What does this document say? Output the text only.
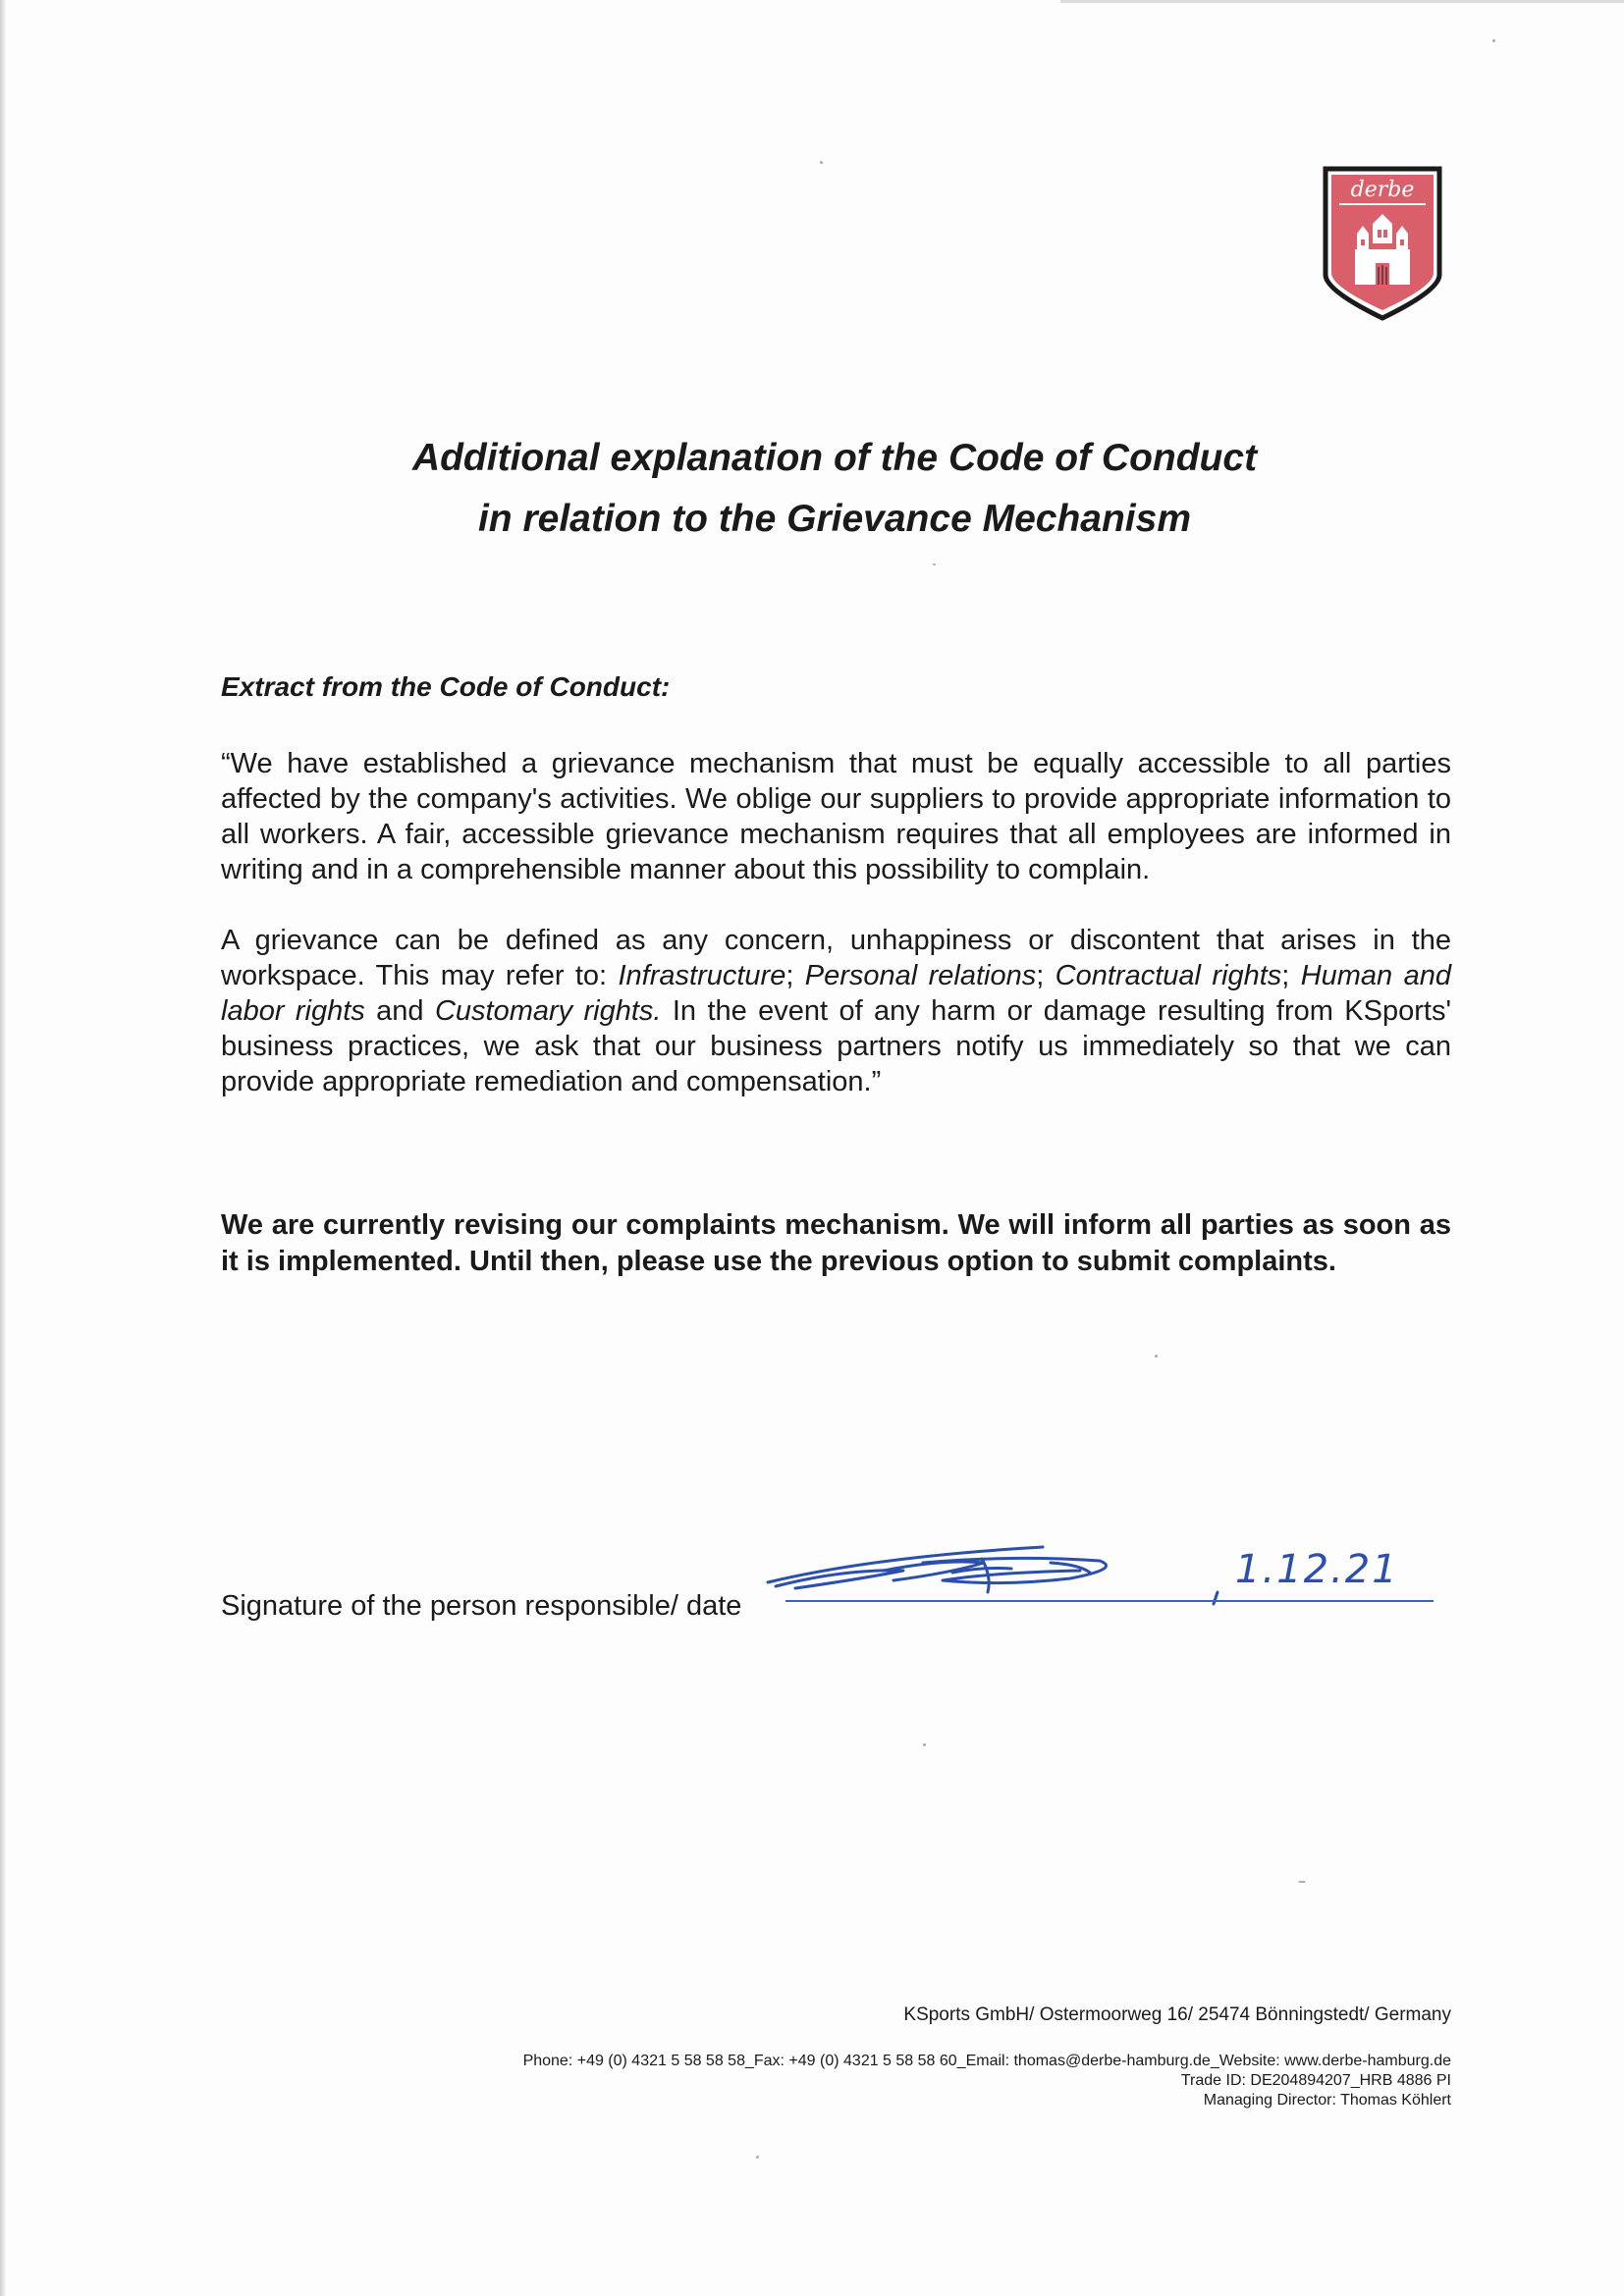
derbe
Additional explanation of the Code of Conduct
in relation to the Grievance Mechanism
Extract from the Code of Conduct:

“We have established a grievance mechanism that must be equally accessible to all parties affected by the company's activities. We oblige our suppliers to provide appropriate information to all workers. A fair, accessible grievance mechanism requires that all employees are informed in writing and in a comprehensible manner about this possibility to complain.

A grievance can be defined as any concern, unhappiness or discontent that arises in the workspace. This may refer to: Infrastructure; Personal relations; Contractual rights; Human and labor rights and Customary rights. In the event of any harm or damage resulting from KSports' business practices, we ask that our business partners notify us immediately so that we can provide appropriate remediation and compensation.”

We are currently revising our complaints mechanism. We will inform all parties as soon as it is implemented. Until then, please use the previous option to submit complaints.
Signature of the person responsible/ date
1.12.21
KSports GmbH/ Ostermoorweg 16/ 25474 Bönningstedt/ Germany
Phone: +49 (0) 4321 5 58 58 58_Fax: +49 (0) 4321 5 58 58 60_Email: thomas@derbe-hamburg.de_Website: www.derbe-hamburg.de
Trade ID: DE204894207_HRB 4886 PI
Managing Director: Thomas Köhlert
